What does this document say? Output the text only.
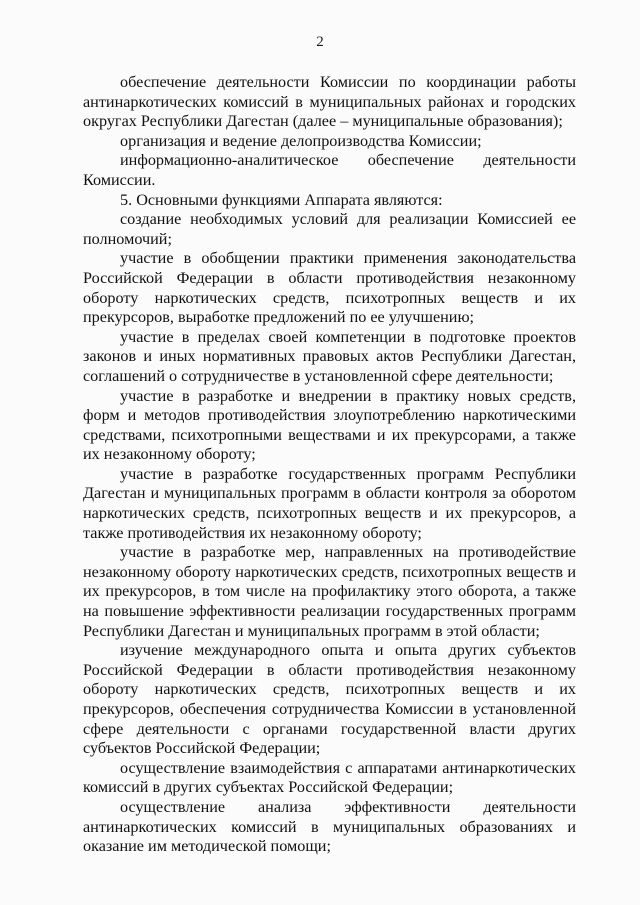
2

обеспечение деятельности Комиссии по координации работы антинаркотических комиссий в муниципальных районах и городских округах Республики Дагестан (далее – муниципальные образования);

организация и ведение делопроизводства Комиссии;

информационно-аналитическое обеспечение деятельности Комиссии.

5. Основными функциями Аппарата являются:

создание необходимых условий для реализации Комиссией ее полномочий;

участие в обобщении практики применения законодательства Российской Федерации в области противодействия незаконному обороту наркотических средств, психотропных веществ и их прекурсоров, выработке предложений по ее улучшению;

участие в пределах своей компетенции в подготовке проектов законов и иных нормативных правовых актов Республики Дагестан, соглашений о сотрудничестве в установленной сфере деятельности;

участие в разработке и внедрении в практику новых средств, форм и методов противодействия злоупотреблению наркотическими средствами, психотропными веществами и их прекурсорами, а также их незаконному обороту;

участие в разработке государственных программ Республики Дагестан и муниципальных программ в области контроля за оборотом наркотических средств, психотропных веществ и их прекурсоров, а также противодействия их незаконному обороту;

участие в разработке мер, направленных на противодействие незаконному обороту наркотических средств, психотропных веществ и их прекурсоров, в том числе на профилактику этого оборота, а также на повышение эффективности реализации государственных программ Республики Дагестан и муниципальных программ в этой области;

изучение международного опыта и опыта других субъектов Российской Федерации в области противодействия незаконному обороту наркотических средств, психотропных веществ и их прекурсоров, обеспечения сотрудничества Комиссии в установленной сфере деятельности с органами государственной власти других субъектов Российской Федерации;

осуществление взаимодействия с аппаратами антинаркотических комиссий в других субъектах Российской Федерации;

осуществление анализа эффективности деятельности антинаркотических комиссий в муниципальных образованиях и оказание им методической помощи;
